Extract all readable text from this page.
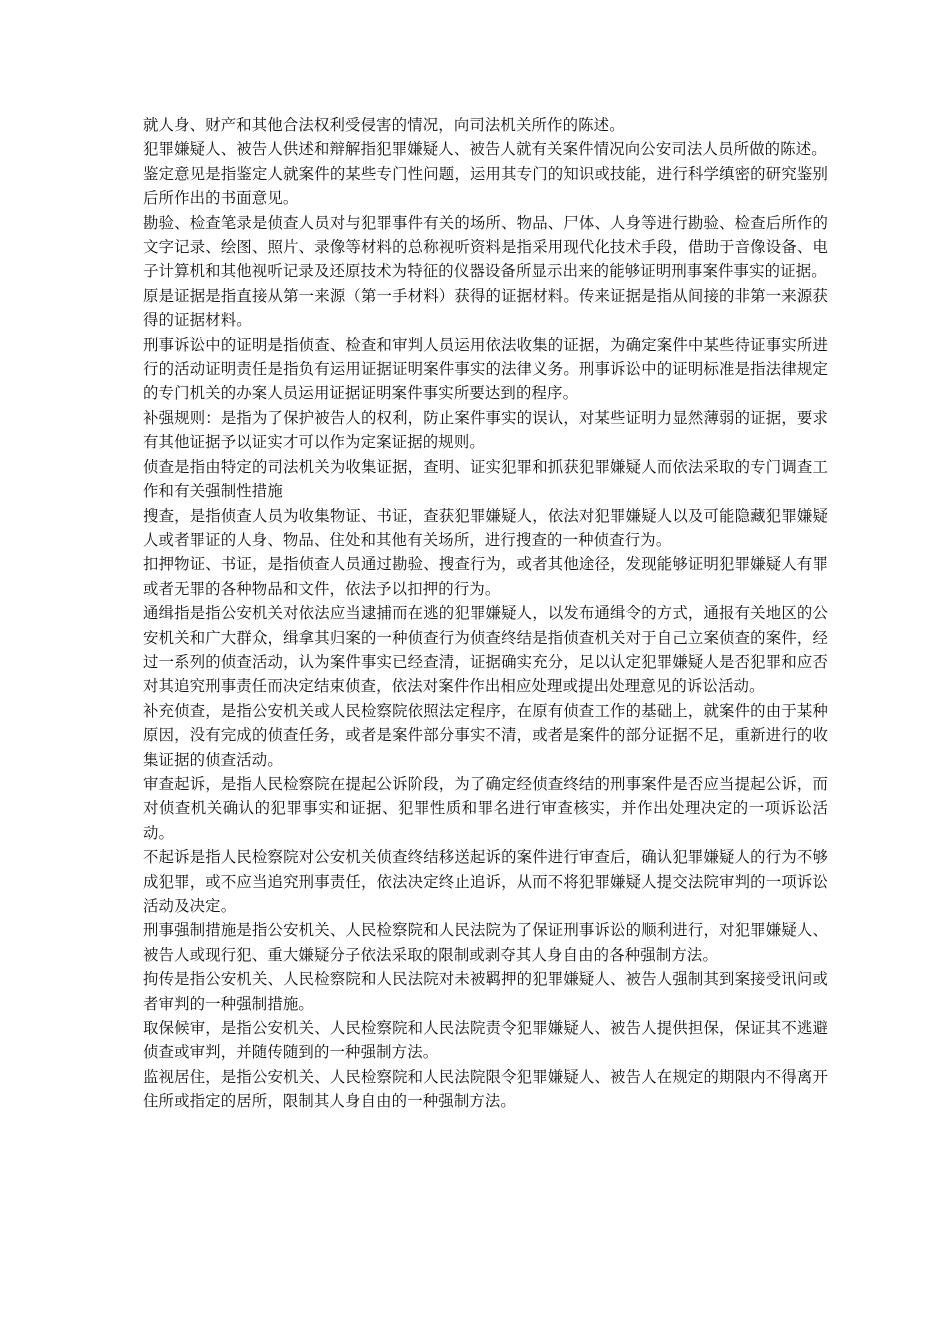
就人身、财产和其他合法权利受侵害的情况，向司法机关所作的陈述。

犯罪嫌疑人、被告人供述和辩解指犯罪嫌疑人、被告人就有关案件情况向公安司法人员所做的陈述。

鉴定意见是指鉴定人就案件的某些专门性问题，运用其专门的知识或技能，进行科学缜密的研究鉴别后所作出的书面意见。

勘验、检查笔录是侦查人员对与犯罪事件有关的场所、物品、尸体、人身等进行勘验、检查后所作的文字记录、绘图、照片、录像等材料的总称视听资料是指采用现代化技术手段，借助于音像设备、电子计算机和其他视听记录及还原技术为特征的仪器设备所显示出来的能够证明刑事案件事实的证据。

原是证据是指直接从第一来源（第一手材料）获得的证据材料。传来证据是指从间接的非第一来源获得的证据材料。

刑事诉讼中的证明是指侦查、检查和审判人员运用依法收集的证据，为确定案件中某些待证事实所进行的活动证明责任是指负有运用证据证明案件事实的法律义务。刑事诉讼中的证明标准是指法律规定的专门机关的办案人员运用证据证明案件事实所要达到的程序。

补强规则：是指为了保护被告人的权利，防止案件事实的误认，对某些证明力显然薄弱的证据，要求有其他证据予以证实才可以作为定案证据的规则。

侦查是指由特定的司法机关为收集证据，查明、证实犯罪和抓获犯罪嫌疑人而依法采取的专门调查工作和有关强制性措施

搜查，是指侦查人员为收集物证、书证，查获犯罪嫌疑人，依法对犯罪嫌疑人以及可能隐藏犯罪嫌疑人或者罪证的人身、物品、住处和其他有关场所，进行搜查的一种侦查行为。

扣押物证、书证，是指侦查人员通过勘验、搜查行为，或者其他途径，发现能够证明犯罪嫌疑人有罪或者无罪的各种物品和文件，依法予以扣押的行为。

通缉指是指公安机关对依法应当逮捕而在逃的犯罪嫌疑人，以发布通缉令的方式，通报有关地区的公安机关和广大群众，缉拿其归案的一种侦查行为侦查终结是指侦查机关对于自己立案侦查的案件，经过一系列的侦查活动，认为案件事实已经查清，证据确实充分，足以认定犯罪嫌疑人是否犯罪和应否对其追究刑事责任而决定结束侦查，依法对案件作出相应处理或提出处理意见的诉讼活动。

补充侦查，是指公安机关或人民检察院依照法定程序，在原有侦查工作的基础上，就案件的由于某种原因，没有完成的侦查任务，或者是案件部分事实不清，或者是案件的部分证据不足，重新进行的收集证据的侦查活动。

审查起诉，是指人民检察院在提起公诉阶段，为了确定经侦查终结的刑事案件是否应当提起公诉，而对侦查机关确认的犯罪事实和证据、犯罪性质和罪名进行审查核实，并作出处理决定的一项诉讼活动。

不起诉是指人民检察院对公安机关侦查终结移送起诉的案件进行审查后，确认犯罪嫌疑人的行为不够成犯罪，或不应当追究刑事责任，依法决定终止追诉，从而不将犯罪嫌疑人提交法院审判的一项诉讼活动及决定。

刑事强制措施是指公安机关、人民检察院和人民法院为了保证刑事诉讼的顺利进行，对犯罪嫌疑人、被告人或现行犯、重大嫌疑分子依法采取的限制或剥夺其人身自由的各种强制方法。

拘传是指公安机关、人民检察院和人民法院对未被羁押的犯罪嫌疑人、被告人强制其到案接受讯问或者审判的一种强制措施。

取保候审，是指公安机关、人民检察院和人民法院责令犯罪嫌疑人、被告人提供担保，保证其不逃避侦查或审判，并随传随到的一种强制方法。

监视居住，是指公安机关、人民检察院和人民法院限令犯罪嫌疑人、被告人在规定的期限内不得离开住所或指定的居所，限制其人身自由的一种强制方法。
